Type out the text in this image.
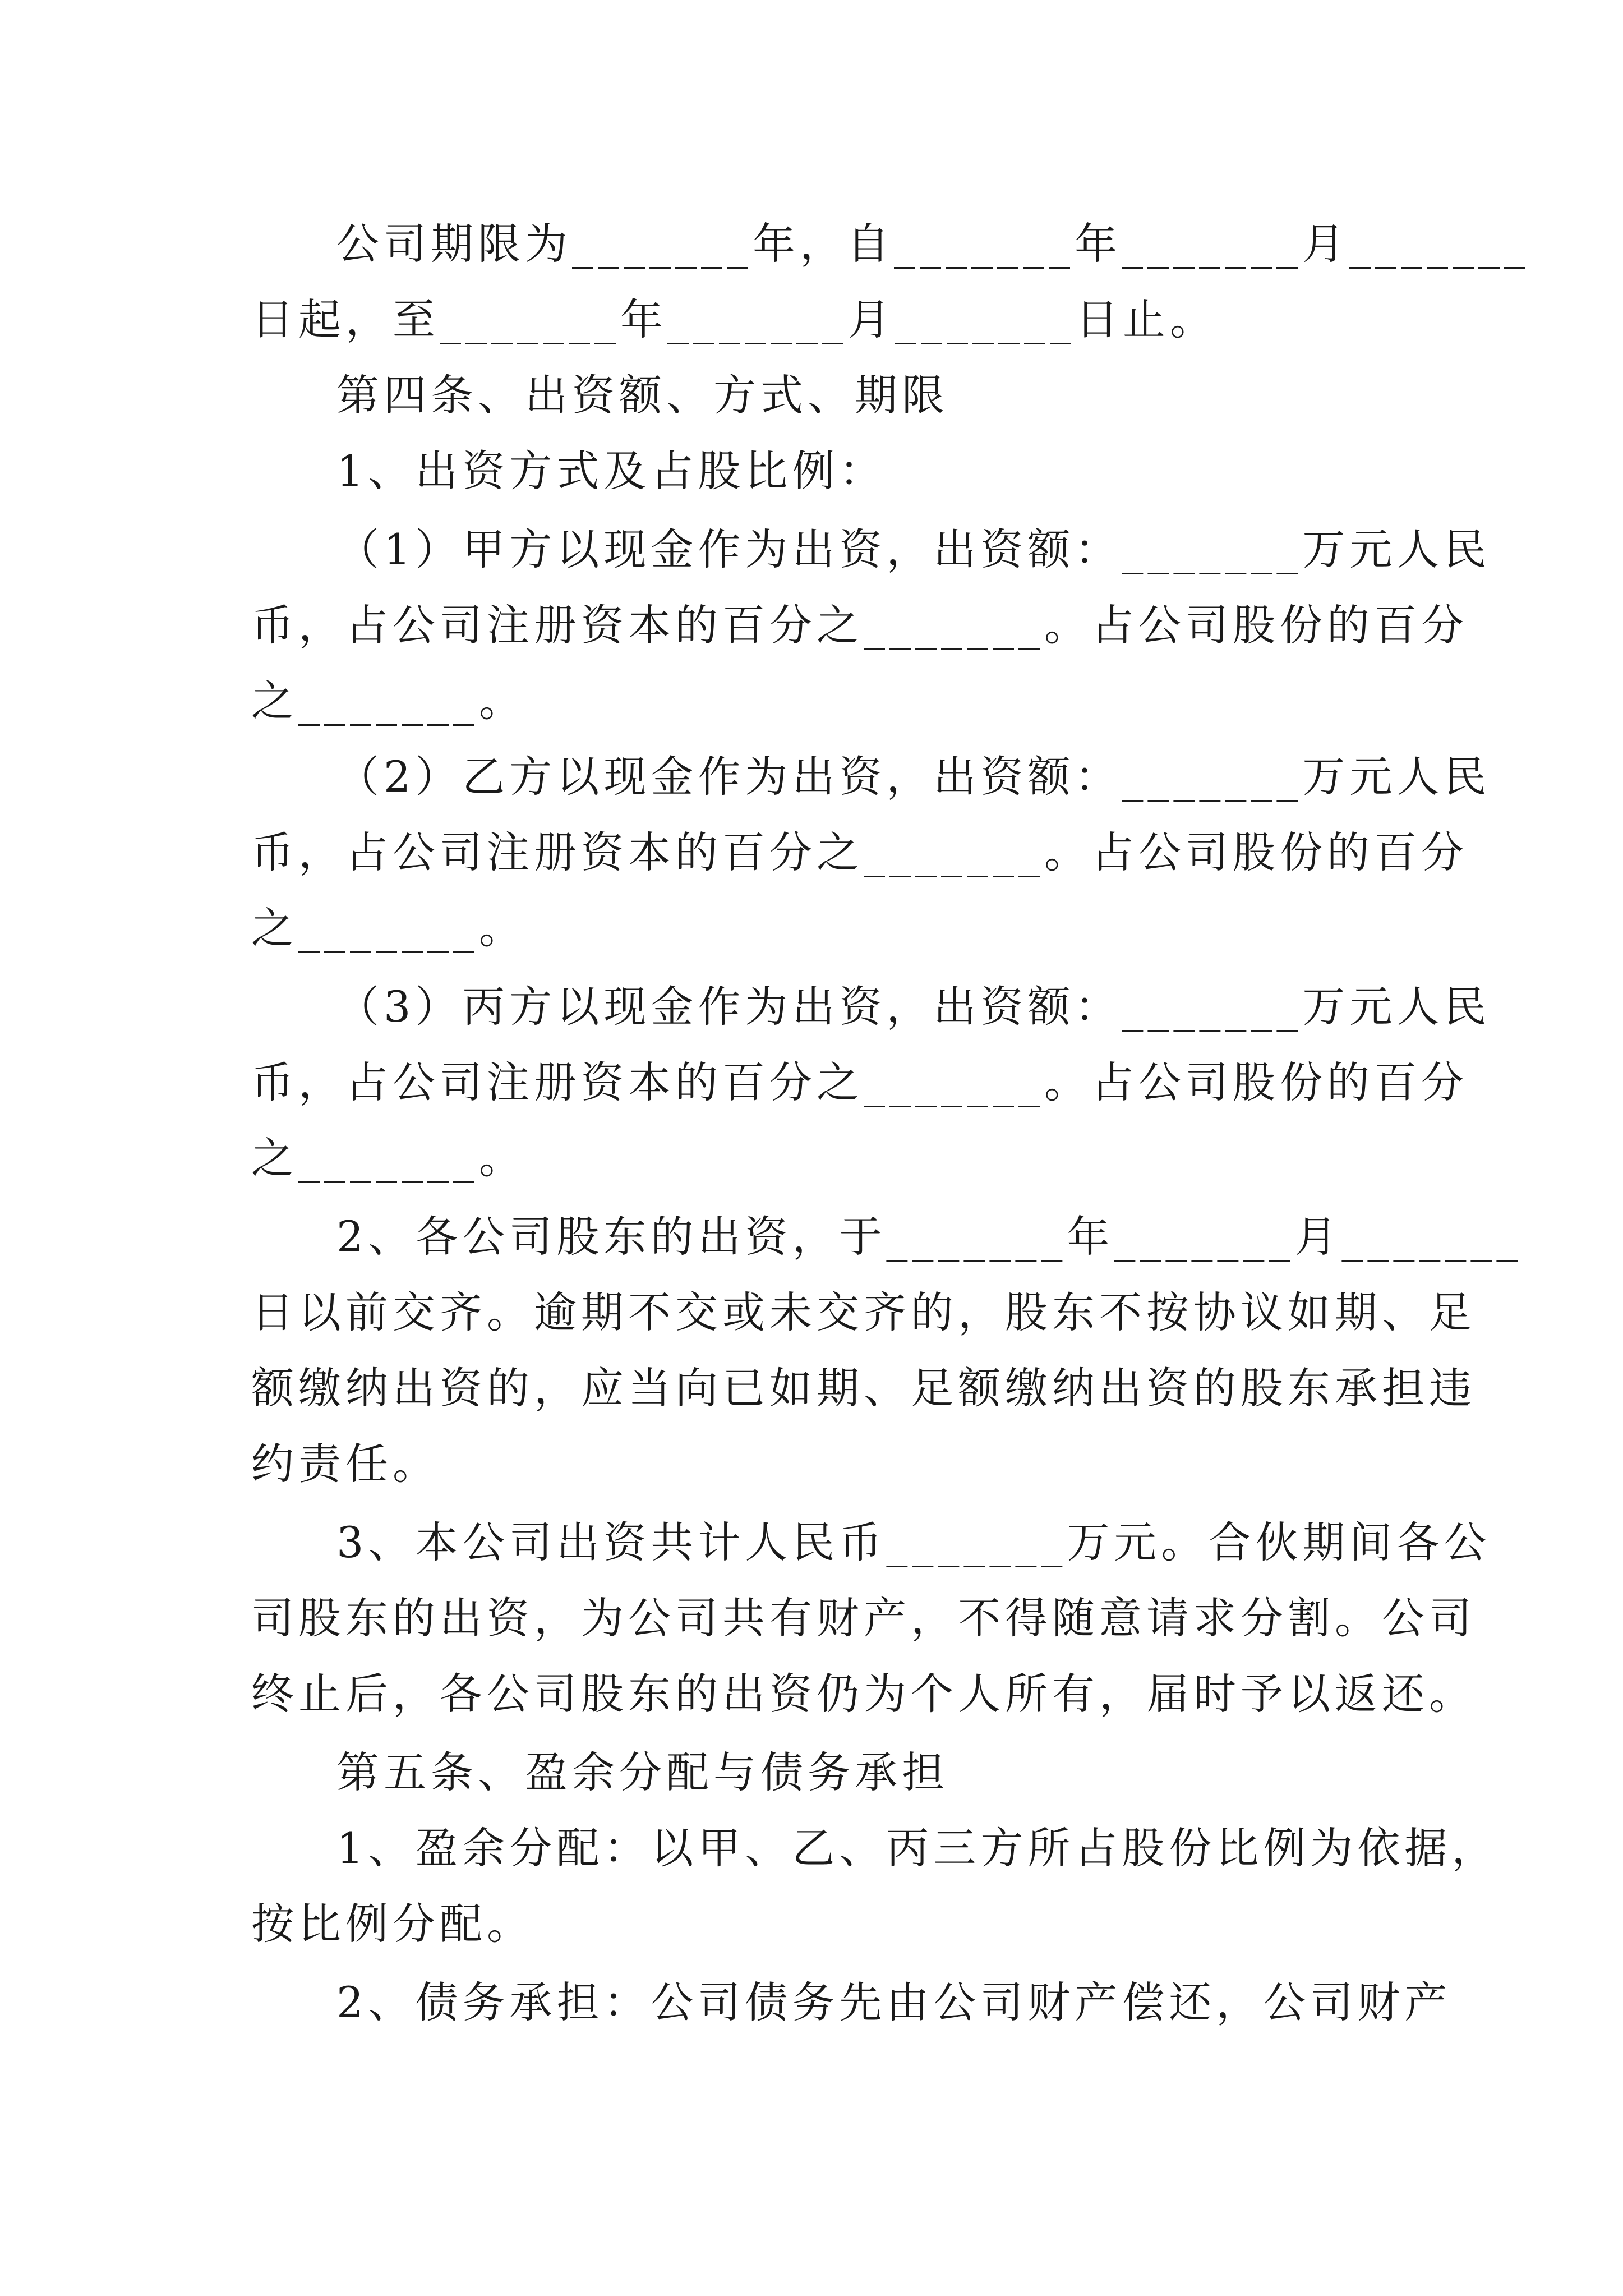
公司期限为_______年，自_______年_______月_______
日起，至_______年_______月_______日止。
第四条、出资额、方式、期限
1、出资方式及占股比例：
（1）甲方以现金作为出资，出资额：_______万元人民
币，占公司注册资本的百分之_______。占公司股份的百分
之_______。
（2）乙方以现金作为出资，出资额：_______万元人民
币，占公司注册资本的百分之_______。占公司股份的百分
之_______。
（3）丙方以现金作为出资，出资额：_______万元人民
币，占公司注册资本的百分之_______。占公司股份的百分
之_______。
2、各公司股东的出资，于_______年_______月_______
日以前交齐。逾期不交或未交齐的，股东不按协议如期、足
额缴纳出资的，应当向已如期、足额缴纳出资的股东承担违
约责任。
3、本公司出资共计人民币_______万元。合伙期间各公
司股东的出资，为公司共有财产，不得随意请求分割。公司
终止后，各公司股东的出资仍为个人所有，届时予以返还。
第五条、盈余分配与债务承担
1、盈余分配：以甲、乙、丙三方所占股份比例为依据，
按比例分配。
2、债务承担：公司债务先由公司财产偿还，公司财产
